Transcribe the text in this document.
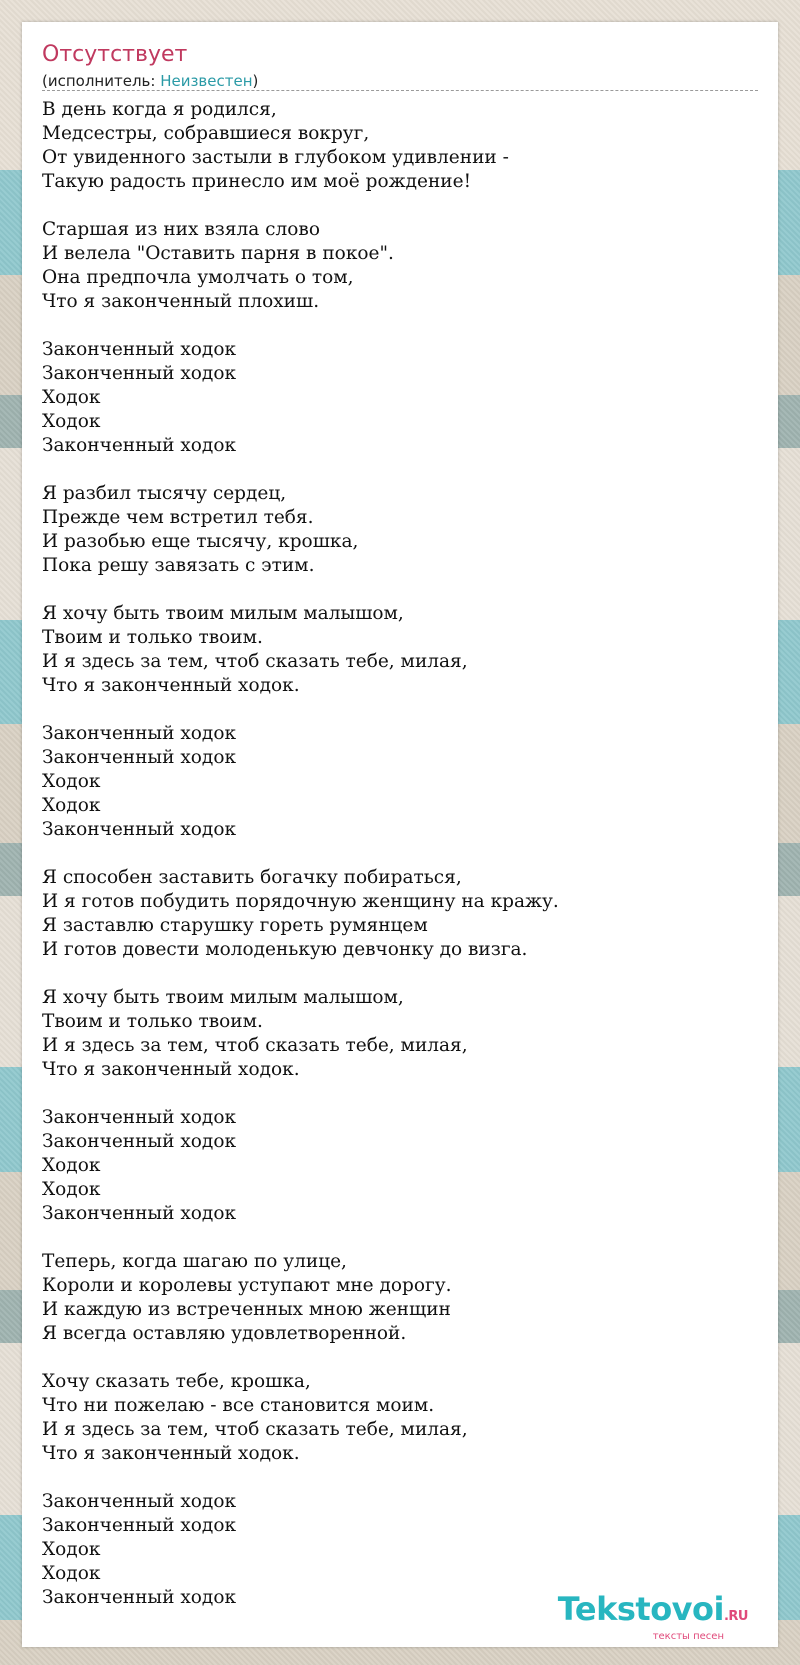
Отсутствует
(исполнитель: Неизвестен)
В день когда я родился,
Медсестры, собравшиеся вокруг,
От увиденного застыли в глубоком удивлении -
Такую радость принесло им моё рождение!
Старшая из них взяла слово
И велела "Оставить парня в покое".
Она предпочла умолчать о том,
Что я законченный плохиш.
Законченный ходок
Законченный ходок
Ходок
Ходок
Законченный ходок
Я разбил тысячу сердец,
Прежде чем встретил тебя.
И разобью еще тысячу, крошка,
Пока решу завязать с этим.
Я хочу быть твоим милым малышом,
Твоим и только твоим.
И я здесь за тем, чтоб сказать тебе, милая,
Что я законченный ходок.
Законченный ходок
Законченный ходок
Ходок
Ходок
Законченный ходок
Я способен заставить богачку побираться,
И я готов побудить порядочную женщину на кражу.
Я заставлю старушку гореть румянцем
И готов довести молоденькую девчонку до визга.
Я хочу быть твоим милым малышом,
Твоим и только твоим.
И я здесь за тем, чтоб сказать тебе, милая,
Что я законченный ходок.
Законченный ходок
Законченный ходок
Ходок
Ходок
Законченный ходок
Теперь, когда шагаю по улице,
Короли и королевы уступают мне дорогу.
И каждую из встреченных мною женщин
Я всегда оставляю удовлетворенной.
Хочу сказать тебе, крошка,
Что ни пожелаю - все становится моим.
И я здесь за тем, чтоб сказать тебе, милая,
Что я законченный ходок.
Законченный ходок
Законченный ходок
Ходок
Ходок
Законченный ходок	Tekstovoi.RU
тексты песен
